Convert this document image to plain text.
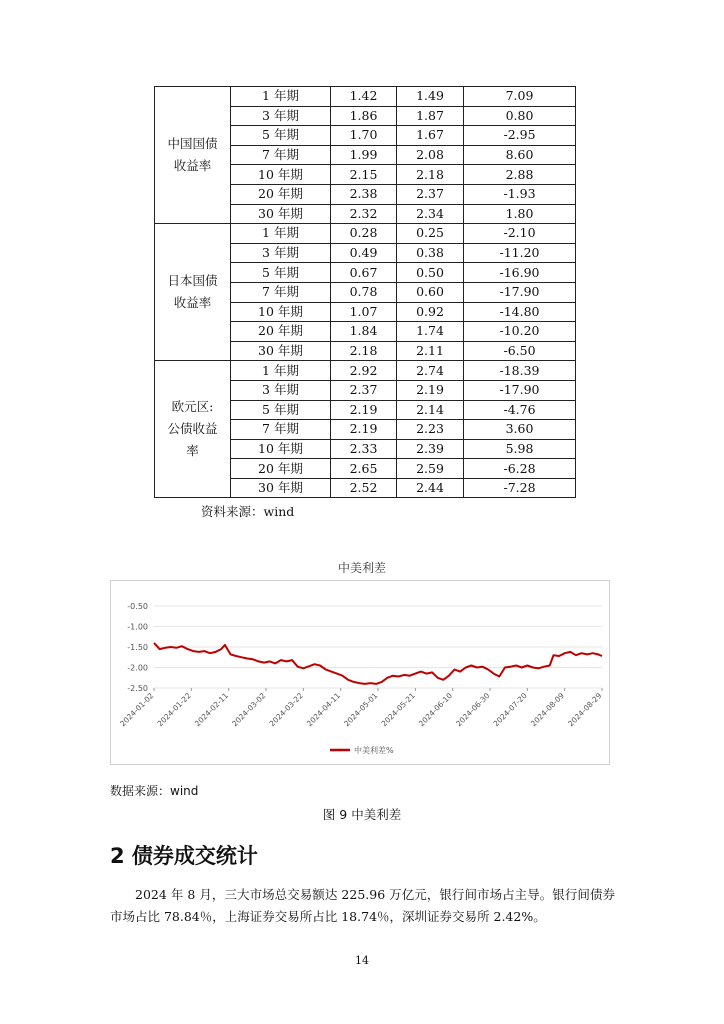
中国国债收益率	1 年期	1.42	1.49	7.09
	3 年期	1.86	1.87	0.80
	5 年期	1.70	1.67	-2.95
	7 年期	1.99	2.08	8.60
	10 年期	2.15	2.18	2.88
	20 年期	2.38	2.37	-1.93
	30 年期	2.32	2.34	1.80
日本国债收益率	1 年期	0.28	0.25	-2.10
	3 年期	0.49	0.38	-11.20
	5 年期	0.67	0.50	-16.90
	7 年期	0.78	0.60	-17.90
	10 年期	1.07	0.92	-14.80
	20 年期	1.84	1.74	-10.20
	30 年期	2.18	2.11	-6.50
欧元区:公债收益率	1 年期	2.92	2.74	-18.39
	3 年期	2.37	2.19	-17.90
	5 年期	2.19	2.14	-4.76
	7 年期	2.19	2.23	3.60
	10 年期	2.33	2.39	5.98
	20 年期	2.65	2.59	-6.28
	30 年期	2.52	2.44	-7.28
资料来源：wind
中美利差
-0.50
-1.00
-1.50
-2.00
-2.50
2024-01-02 2024-01-22 2024-02-11 2024-03-02 2024-03-22 2024-04-11 2024-05-01 2024-05-21 2024-06-10 2024-06-30 2024-07-20 2024-08-09 2024-08-29
中美利差%
数据来源：wind
图 9 中美利差
2 债券成交统计
2024 年 8 月，三大市场总交易额达 225.96 万亿元，银行间市场占主导。银行间债券市场占比 78.84％，上海证券交易所占比 18.74％，深圳证券交易所 2.42%。
14
